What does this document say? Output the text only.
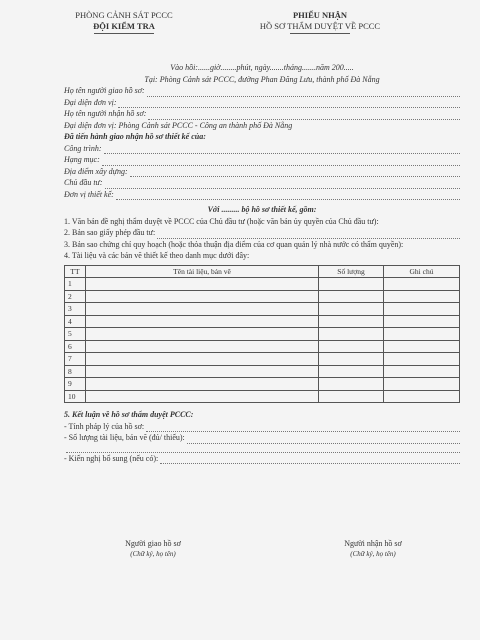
PHÒNG CẢNH SÁT PCCC
ĐỘI KIỂM TRA
PHIẾU NHẬN
HỒ SƠ THẨM DUYỆT VỀ PCCC
Vào hồi:......giờ........phút, ngày.......tháng.......năm 200.....
Tại: Phòng Cảnh sát PCCC, đường Phan Đăng Lưu, thành phố Đà Nẵng
Họ tên người giao hồ sơ:
Đại diện đơn vị:
Họ tên người nhận hồ sơ:
Đại diện đơn vị: Phòng Cảnh sát PCCC - Công an thành phố Đà Nẵng
Đã tiến hành giao nhận hồ sơ thiết kế của:
Công trình:
Hạng mục:
Địa điểm xây dựng:
Chủ đầu tư:
Đơn vị thiết kế:
Với ......... bộ hồ sơ thiết kế, gồm:
1. Văn bản đề nghị thẩm duyệt về PCCC của Chủ đầu tư (hoặc văn bản ủy quyền của Chủ đầu tư):
2. Bản sao giấy phép đầu tư:
3. Bản sao chứng chỉ quy hoạch (hoặc thỏa thuận địa điểm của cơ quan quản lý nhà nước có thẩm quyền):
4. Tài liệu và các bản vẽ thiết kế theo danh mục dưới đây:
TT	Tên tài liệu, bản vẽ	Số lượng	Ghi chú
1			
2			
3			
4			
5			
6			
7			
8			
9			
10			
5. Kết luận về hồ sơ thẩm duyệt PCCC:
- Tính pháp lý của hồ sơ:
- Số lượng tài liệu, bản vẽ (đủ/ thiếu):
- Kiến nghị bổ sung (nếu có):
Người giao hồ sơ
(Chữ ký, họ tên)
Người nhận hồ sơ
(Chữ ký, họ tên)
